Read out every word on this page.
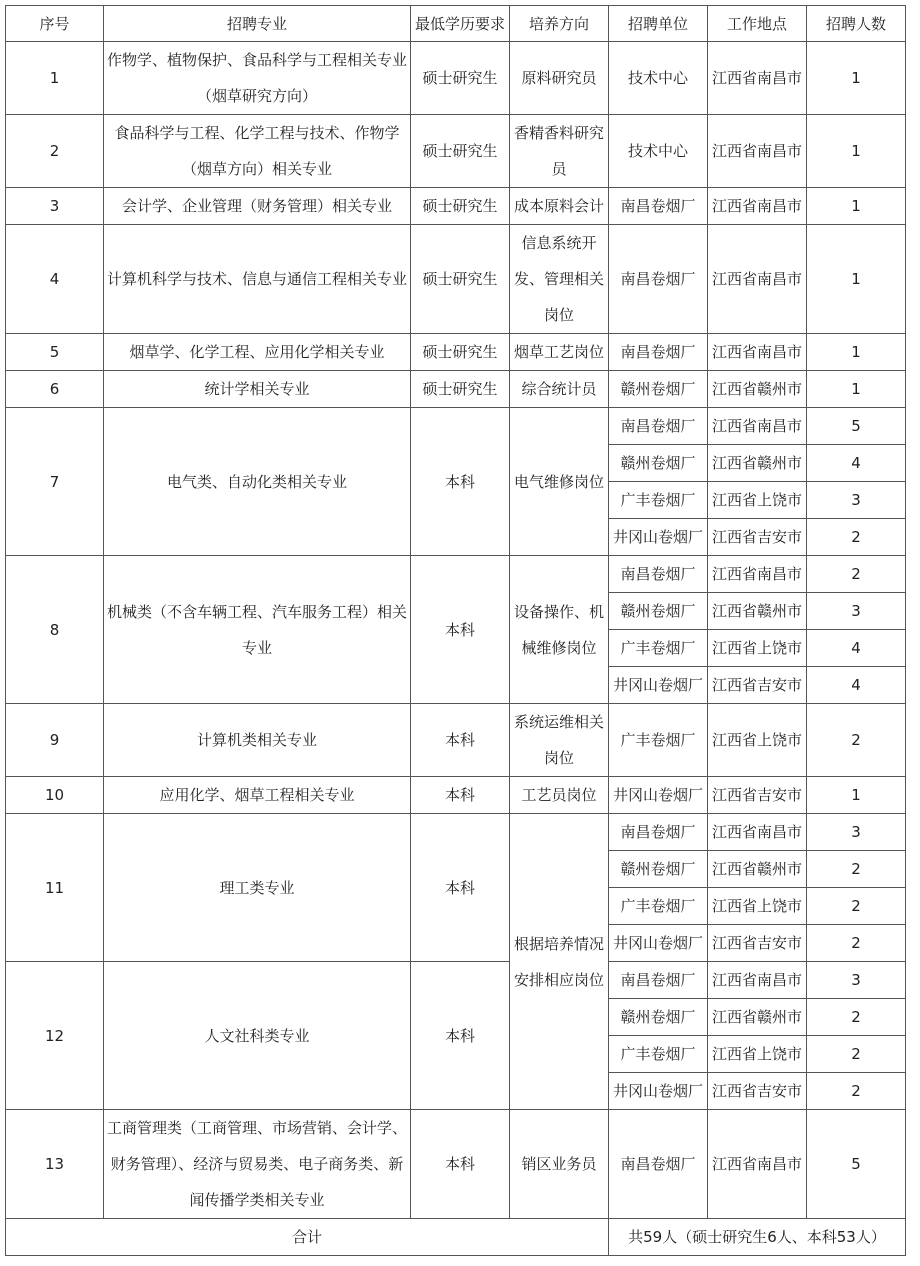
序号	招聘专业	最低学历要求	培养方向	招聘单位	工作地点	招聘人数
1	作物学、植物保护、食品科学与工程相关专业（烟草研究方向）	硕士研究生	原料研究员	技术中心	江西省南昌市	1
2	食品科学与工程、化学工程与技术、作物学（烟草方向）相关专业	硕士研究生	香精香料研究员	技术中心	江西省南昌市	1
3	会计学、企业管理（财务管理）相关专业	硕士研究生	成本原料会计	南昌卷烟厂	江西省南昌市	1
4	计算机科学与技术、信息与通信工程相关专业	硕士研究生	信息系统开发、管理相关岗位	南昌卷烟厂	江西省南昌市	1
5	烟草学、化学工程、应用化学相关专业	硕士研究生	烟草工艺岗位	南昌卷烟厂	江西省南昌市	1
6	统计学相关专业	硕士研究生	综合统计员	赣州卷烟厂	江西省赣州市	1
7	电气类、自动化类相关专业	本科	电气维修岗位	南昌卷烟厂	江西省南昌市	5
				赣州卷烟厂	江西省赣州市	4
				广丰卷烟厂	江西省上饶市	3
				井冈山卷烟厂	江西省吉安市	2
8	机械类（不含车辆工程、汽车服务工程）相关专业	本科	设备操作、机械维修岗位	南昌卷烟厂	江西省南昌市	2
				赣州卷烟厂	江西省赣州市	3
				广丰卷烟厂	江西省上饶市	4
				井冈山卷烟厂	江西省吉安市	4
9	计算机类相关专业	本科	系统运维相关岗位	广丰卷烟厂	江西省上饶市	2
10	应用化学、烟草工程相关专业	本科	工艺员岗位	井冈山卷烟厂	江西省吉安市	1
11	理工类专业	本科	根据培养情况安排相应岗位	南昌卷烟厂	江西省南昌市	3
				赣州卷烟厂	江西省赣州市	2
				广丰卷烟厂	江西省上饶市	2
				井冈山卷烟厂	江西省吉安市	2
12	人文社科类专业	本科		南昌卷烟厂	江西省南昌市	3
				赣州卷烟厂	江西省赣州市	2
				广丰卷烟厂	江西省上饶市	2
				井冈山卷烟厂	江西省吉安市	2
13	工商管理类（工商管理、市场营销、会计学、财务管理）、经济与贸易类、电子商务类、新闻传播学类相关专业	本科	销区业务员	南昌卷烟厂	江西省南昌市	5
合计				共59人（硕士研究生6人、本科53人）		
